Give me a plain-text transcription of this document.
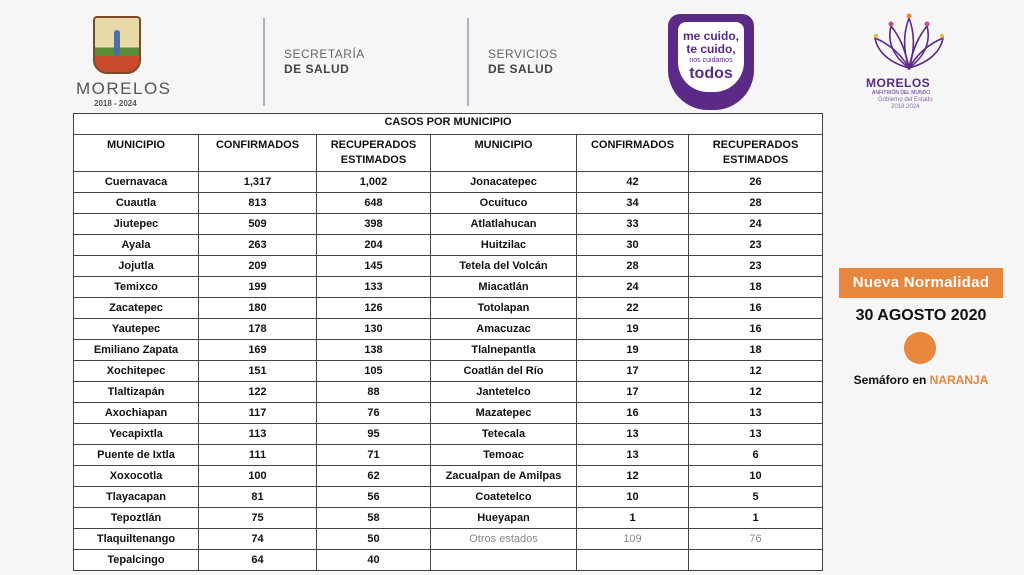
MORELOS
2018 - 2024
SECRETARÍA
DE SALUD
SERVICIOS
DE SALUD
me cuido,
te cuido,
nos cuidamos
todos
MORELOS
ANFITRIÓN DEL MUNDO
Gobierno del Estado
2018 2024
CASOS POR MUNICIPIO					
MUNICIPIO	CONFIRMADOS	RECUPERADOS ESTIMADOS	MUNICIPIO	CONFIRMADOS	RECUPERADOS ESTIMADOS
Cuernavaca	1,317	1,002	Jonacatepec	42	26
Cuautla	813	648	Ocuituco	34	28
Jiutepec	509	398	Atlatlahucan	33	24
Ayala	263	204	Huitzilac	30	23
Jojutla	209	145	Tetela del Volcán	28	23
Temixco	199	133	Miacatlán	24	18
Zacatepec	180	126	Totolapan	22	16
Yautepec	178	130	Amacuzac	19	16
Emiliano Zapata	169	138	Tlalnepantla	19	18
Xochitepec	151	105	Coatlán del Río	17	12
Tlaltizapán	122	88	Jantetelco	17	12
Axochiapan	117	76	Mazatepec	16	13
Yecapixtla	113	95	Tetecala	13	13
Puente de Ixtla	111	71	Temoac	13	6
Xoxocotla	100	62	Zacualpan de Amilpas	12	10
Tlayacapan	81	56	Coatetelco	10	5
Tepoztlán	75	58	Hueyapan	1	1
Tlaquiltenango	74	50	Otros estados	109	76
Tepalcingo	64	40			
Nueva Normalidad
30 AGOSTO 2020
Semáforo en NARANJA
